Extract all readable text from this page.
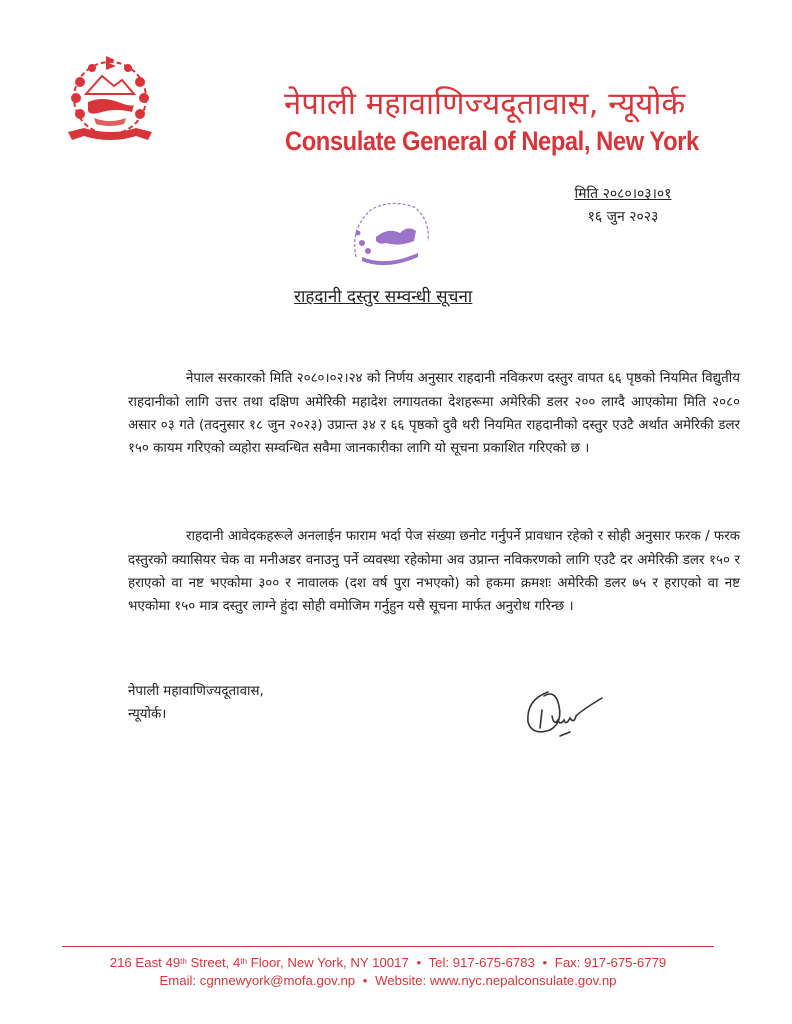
नेपाली महावाणिज्यदूतावास, न्यूयोर्क
Consulate General of Nepal, New York
मिति २०८०।०३।०१
१६ जुन २०२३
राहदानी दस्तुर सम्वन्धी सूचना

नेपाल सरकारको मिति २०८०।०२।२४ को निर्णय अनुसार राहदानी नविकरण दस्तुर वापत ६६ पृष्ठको नियमित विद्युतीय राहदानीको लागि उत्तर तथा दक्षिण अमेरिकी महादेश लगायतका देशहरूमा अमेरिकी डलर २०० लाग्दै आएकोमा मिति २०८० असार ०३ गते (तदनुसार १८ जुन २०२३) उप्रान्त ३४ र ६६ पृष्ठको दुवै थरी नियमित राहदानीको दस्तुर एउटै अर्थात अमेरिकी डलर १५० कायम गरिएको व्यहोरा सम्वन्धित सवैमा जानकारीका लागि यो सूचना प्रकाशित गरिएको छ ।

राहदानी आवेदकहरूले अनलाईन फाराम भर्दा पेज संख्या छनोट गर्नुपर्ने प्रावधान रहेको र सोही अनुसार फरक / फरक दस्तुरको क्यासियर चेक वा मनीअडर वनाउनु पर्ने व्यवस्था रहेकोमा अव उप्रान्त नविकरणको लागि एउटै दर अमेरिकी डलर १५० र हराएको वा नष्ट भएकोमा ३०० र नावालक (दश वर्ष पुरा नभएको) को हकमा क्रमशः अमेरिकी डलर ७५ र हराएको वा नष्ट भएकोमा १५० मात्र दस्तुर लाग्ने हुंदा सोही वमोजिम गर्नुहुन यसै सूचना मार्फत अनुरोध गरिन्छ ।

नेपाली महावाणिज्यदूतावास,
न्यूयोर्क।
216 East 49th Street, 4th Floor, New York, NY 10017 • Tel: 917-675-6783 • Fax: 917-675-6779
Email: cgnnewyork@mofa.gov.np • Website: www.nyc.nepalconsulate.gov.np
